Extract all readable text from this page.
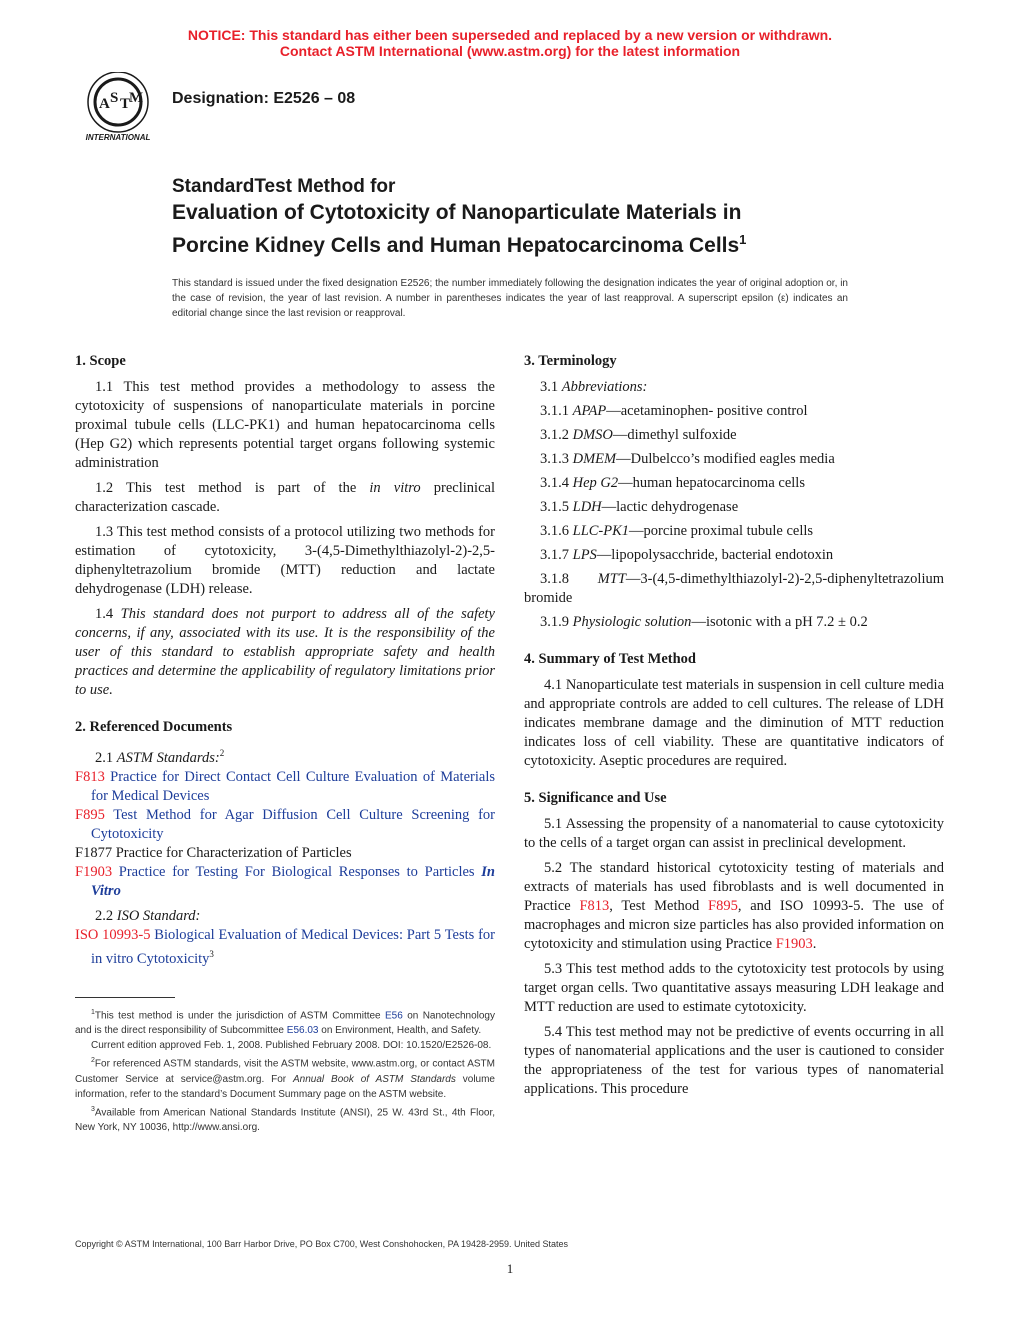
NOTICE: This standard has either been superseded and replaced by a new version or withdrawn.
Contact ASTM International (www.astm.org) for the latest information
A S T
M
INTERNATIONAL
Designation: E2526 – 08
StandardTest Method for
Evaluation of Cytotoxicity of Nanoparticulate Materials in
Porcine Kidney Cells and Human Hepatocarcinoma Cells$^1$
This standard is issued under the fixed designation E2526; the number immediately following the designation indicates the year of original adoption or, in the case of revision, the year of last revision. A number in parentheses indicates the year of last reapproval. A superscript epsilon (ε) indicates an editorial change since the last revision or reapproval.
1. Scope

1.1 This test method provides a methodology to assess the cytotoxicity of suspensions of nanoparticulate materials in porcine proximal tubule cells (LLC-PK1) and human hepatocarcinoma cells (Hep G2) which represents potential target organs following systemic administration

1.2 This test method is part of the in vitro preclinical characterization cascade.

1.3 This test method consists of a protocol utilizing two methods for estimation of cytotoxicity, 3-(4,5-Dimethylthiazolyl-2)-2,5-diphenyltetrazolium bromide (MTT) reduction and lactate dehydrogenase (LDH) release.

1.4 This standard does not purport to address all of the safety concerns, if any, associated with its use. It is the responsibility of the user of this standard to establish appropriate safety and health practices and determine the applicability of regulatory limitations prior to use.

2. Referenced Documents

2.1 ASTM Standards:$^2$

F813 Practice for Direct Contact Cell Culture Evaluation of Materials for Medical Devices

F895 Test Method for Agar Diffusion Cell Culture Screening for Cytotoxicity

F1877 Practice for Characterization of Particles

F1903 Practice for Testing For Biological Responses to Particles In Vitro

2.2 ISO Standard:

ISO 10993-5 Biological Evaluation of Medical Devices: Part 5 Tests for in vitro Cytotoxicity$^3$

$^1$This test method is under the jurisdiction of ASTM Committee E56 on Nanotechnology and is the direct responsibility of Subcommittee E56.03 on Environment, Health, and Safety.

Current edition approved Feb. 1, 2008. Published February 2008. DOI: 10.1520/E2526-08.

$^2$For referenced ASTM standards, visit the ASTM website, www.astm.org, or contact ASTM Customer Service at service@astm.org. For Annual Book of ASTM Standards volume information, refer to the standard’s Document Summary page on the ASTM website.

$^3$Available from American National Standards Institute (ANSI), 25 W. 43rd St., 4th Floor, New York, NY 10036, http://www.ansi.org.

3. Terminology

3.1 Abbreviations:

3.1.1 APAP—acetaminophen- positive control

3.1.2 DMSO—dimethyl sulfoxide

3.1.3 DMEM—Dulbelcco’s modified eagles media

3.1.4 Hep G2—human hepatocarcinoma cells

3.1.5 LDH—lactic dehydrogenase

3.1.6 LLC-PK1—porcine proximal tubule cells

3.1.7 LPS—lipopolysacchride, bacterial endotoxin

3.1.8 MTT—3-(4,5-dimethylthiazolyl-2)-2,5-diphenyltetrazolium bromide

3.1.9 Physiologic solution—isotonic with a pH 7.2 ± 0.2

4. Summary of Test Method

4.1 Nanoparticulate test materials in suspension in cell culture media and appropriate controls are added to cell cultures. The release of LDH indicates membrane damage and the diminution of MTT reduction indicates loss of cell viability. These are quantitative indicators of cytotoxicity. Aseptic procedures are required.

5. Significance and Use

5.1 Assessing the propensity of a nanomaterial to cause cytotoxicity to the cells of a target organ can assist in preclinical development.

5.2 The standard historical cytotoxicity testing of materials and extracts of materials has used fibroblasts and is well documented in Practice F813, Test Method F895, and ISO 10993-5. The use of macrophages and micron size particles has also provided information on cytotoxicity and stimulation using Practice F1903.

5.3 This test method adds to the cytotoxicity test protocols by using target organ cells. Two quantitative assays measuring LDH leakage and MTT reduction are used to estimate cytotoxicity.

5.4 This test method may not be predictive of events occurring in all types of nanomaterial applications and the user is cautioned to consider the appropriateness of the test for various types of nanomaterial applications. This procedure

Copyright © ASTM International, 100 Barr Harbor Drive, PO Box C700, West Conshohocken, PA 19428-2959. United States
1
